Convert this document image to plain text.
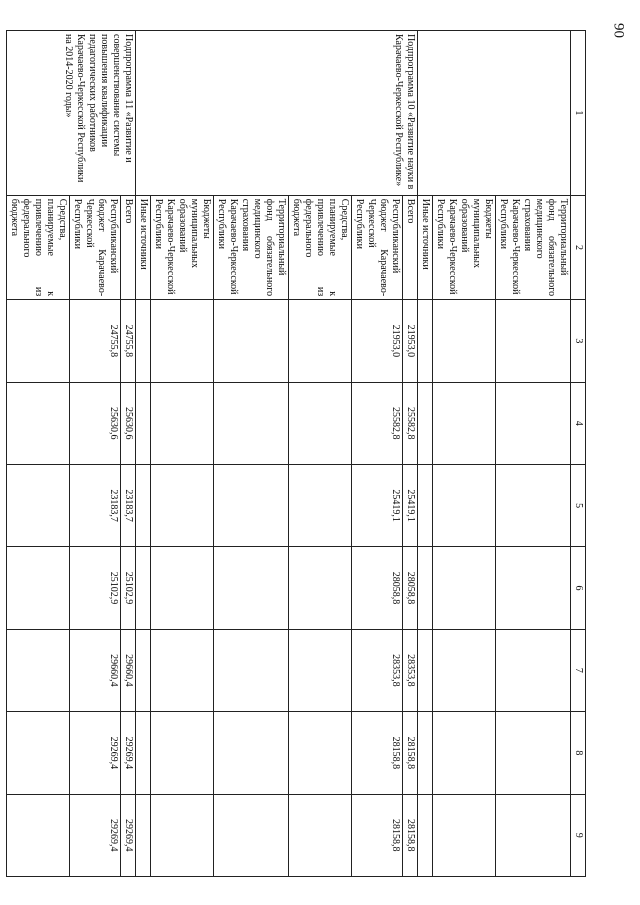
90
1	2	3	4	5	6	7	8	9
	Территориальный фонд обязательного медицинского страхования Карачаево-Черкесской Республики							
	Бюджеты муниципальных образований Карачаево-Черкесской Республики							
	Иные источники							
Подпрограмма 10 «Развитие науки в Карачаево-Черкесской Республике»	Всего	21953,0	25582,8	25419,1	28058,8	28353,8	28158,8	28158,8
	Республиканский бюджет Карачаево-Черкесской Республики	21953,0	25582,8	25419,1	28058,8	28353,8	28158,8	28158,8
	Средства, планируемые к привлечению из федерального бюджета							
	Территориальный фонд обязательного медицинского страхования Карачаево-Черкесской Республики							
	Бюджеты муниципальных образований Карачаево-Черкесской Республики							
	Иные источники							
Подпрограмма 11 «Развитие и совершенствование системы повышения квалификации педагогических работников Карачаево-Черкесской Республики на 2014-2020 годы»	Всего	24755,8	25630,6	23183,7	25102,9	29660,4	29269,4	29269,4
	Республиканский бюджет Карачаево-Черкесской Республики	24755,8	25630,6	23183,7	25102,9	29660,4	29269,4	29269,4
	Средства, планируемые к привлечению из федерального бюджета							
